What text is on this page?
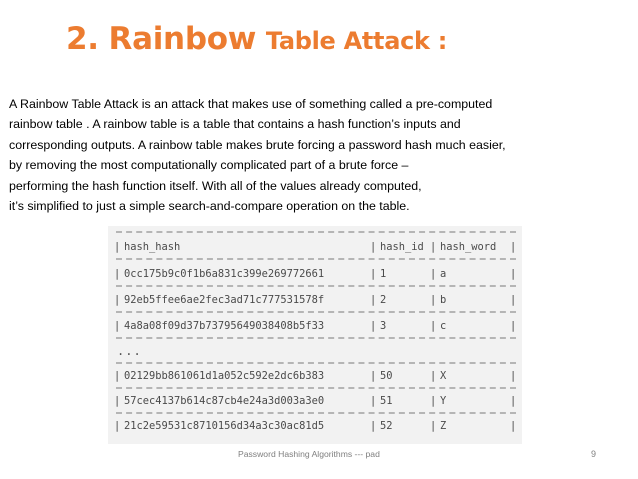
2. Rainbow Table Attack :
A Rainbow Table Attack is an attack that makes use of something called a pre-computed
rainbow table . A rainbow table is a table that contains a hash function’s inputs and
corresponding outputs. A rainbow table makes brute forcing a password hash much easier,
by removing the most computationally complicated part of a brute force –
performing the hash function itself. With all of the values already computed,
it’s simplified to just a simple search-and-compare operation on the table.
| hash_hash	| hash_id | hash_word |
| 0cc175b9c0f1b6a831c399e269772661	| 1	| a	|
| 92eb5ffee6ae2fec3ad71c777531578f	| 2	| b	|
| 4a8a08f09d37b73795649038408b5f33	| 3	| c	|
...
| 02129bb861061d1a052c592e2dc6b383	| 50	| X	|
| 57cec4137b614c87cb4e24a3d003a3e0	| 51	| Y	|
| 21c2e59531c8710156d34a3c30ac81d5	| 52	| Z	|
Password Hashing Algorithms --- pad	9
